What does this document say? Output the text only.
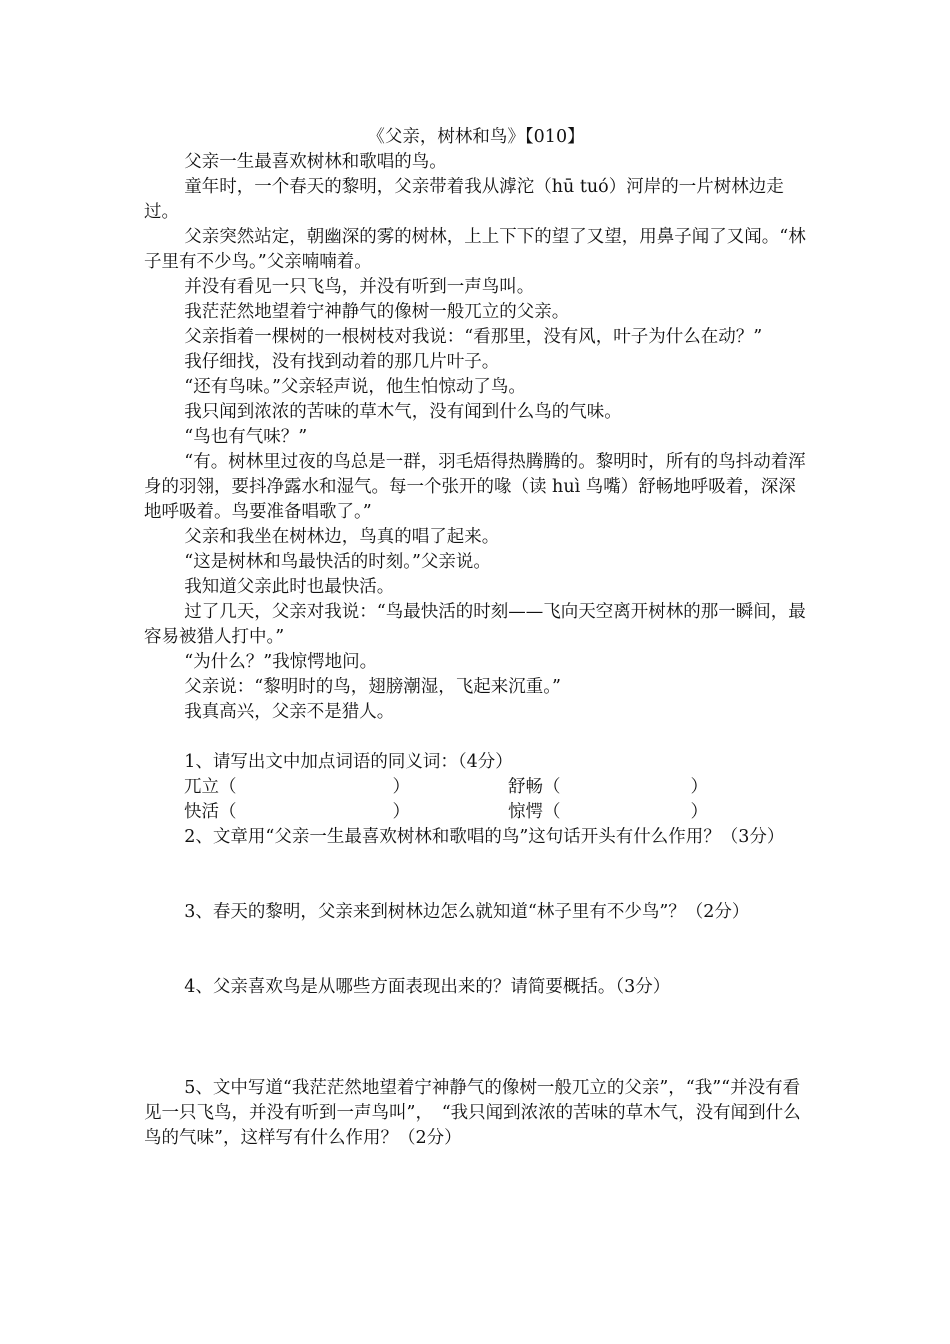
《父亲，树林和鸟》【010】

父亲一生最喜欢树林和歌唱的鸟。

童年时，一个春天的黎明，父亲带着我从滹沱（hū tuó）河岸的一片树林边走过。

父亲突然站定，朝幽深的雾的树林，上上下下的望了又望，用鼻子闻了又闻。“林子里有不少鸟。”父亲喃喃着。

并没有看见一只飞鸟，并没有听到一声鸟叫。

我茫茫然地望着宁神静气的像树一般兀立的父亲。

父亲指着一棵树的一根树枝对我说：“看那里，没有风，叶子为什么在动？”

我仔细找，没有找到动着的那几片叶子。

“还有鸟味。”父亲轻声说，他生怕惊动了鸟。

我只闻到浓浓的苦味的草木气，没有闻到什么鸟的气味。

“鸟也有气味？”

“有。树林里过夜的鸟总是一群，羽毛焐得热腾腾的。黎明时，所有的鸟抖动着浑身的羽翎，要抖净露水和湿气。每一个张开的喙（读 huì 鸟嘴）舒畅地呼吸着，深深地呼吸着。鸟要准备唱歌了。”

父亲和我坐在树林边，鸟真的唱了起来。

“这是树林和鸟最快活的时刻。”父亲说。

我知道父亲此时也最快活。

过了几天，父亲对我说：“鸟最快活的时刻——飞向天空离开树林的那一瞬间，最容易被猎人打中。”

“为什么？”我惊愕地问。

父亲说：“黎明时的鸟，翅膀潮湿，飞起来沉重。”

我真高兴，父亲不是猎人。

1、请写出文中加点词语的同义词：（4分）

兀立（	）	舒畅（	）
快活（	）	惊愕（	）

2、文章用“父亲一生最喜欢树林和歌唱的鸟”这句话开头有什么作用？（3分）

3、春天的黎明，父亲来到树林边怎么就知道“林子里有不少鸟”？（2分）

4、父亲喜欢鸟是从哪些方面表现出来的？请简要概括。（3分）

5、文中写道“我茫茫然地望着宁神静气的像树一般兀立的父亲”，“我”“并没有看见一只飞鸟，并没有听到一声鸟叫”，　“我只闻到浓浓的苦味的草木气，没有闻到什么鸟的气味”，这样写有什么作用？（2分）
